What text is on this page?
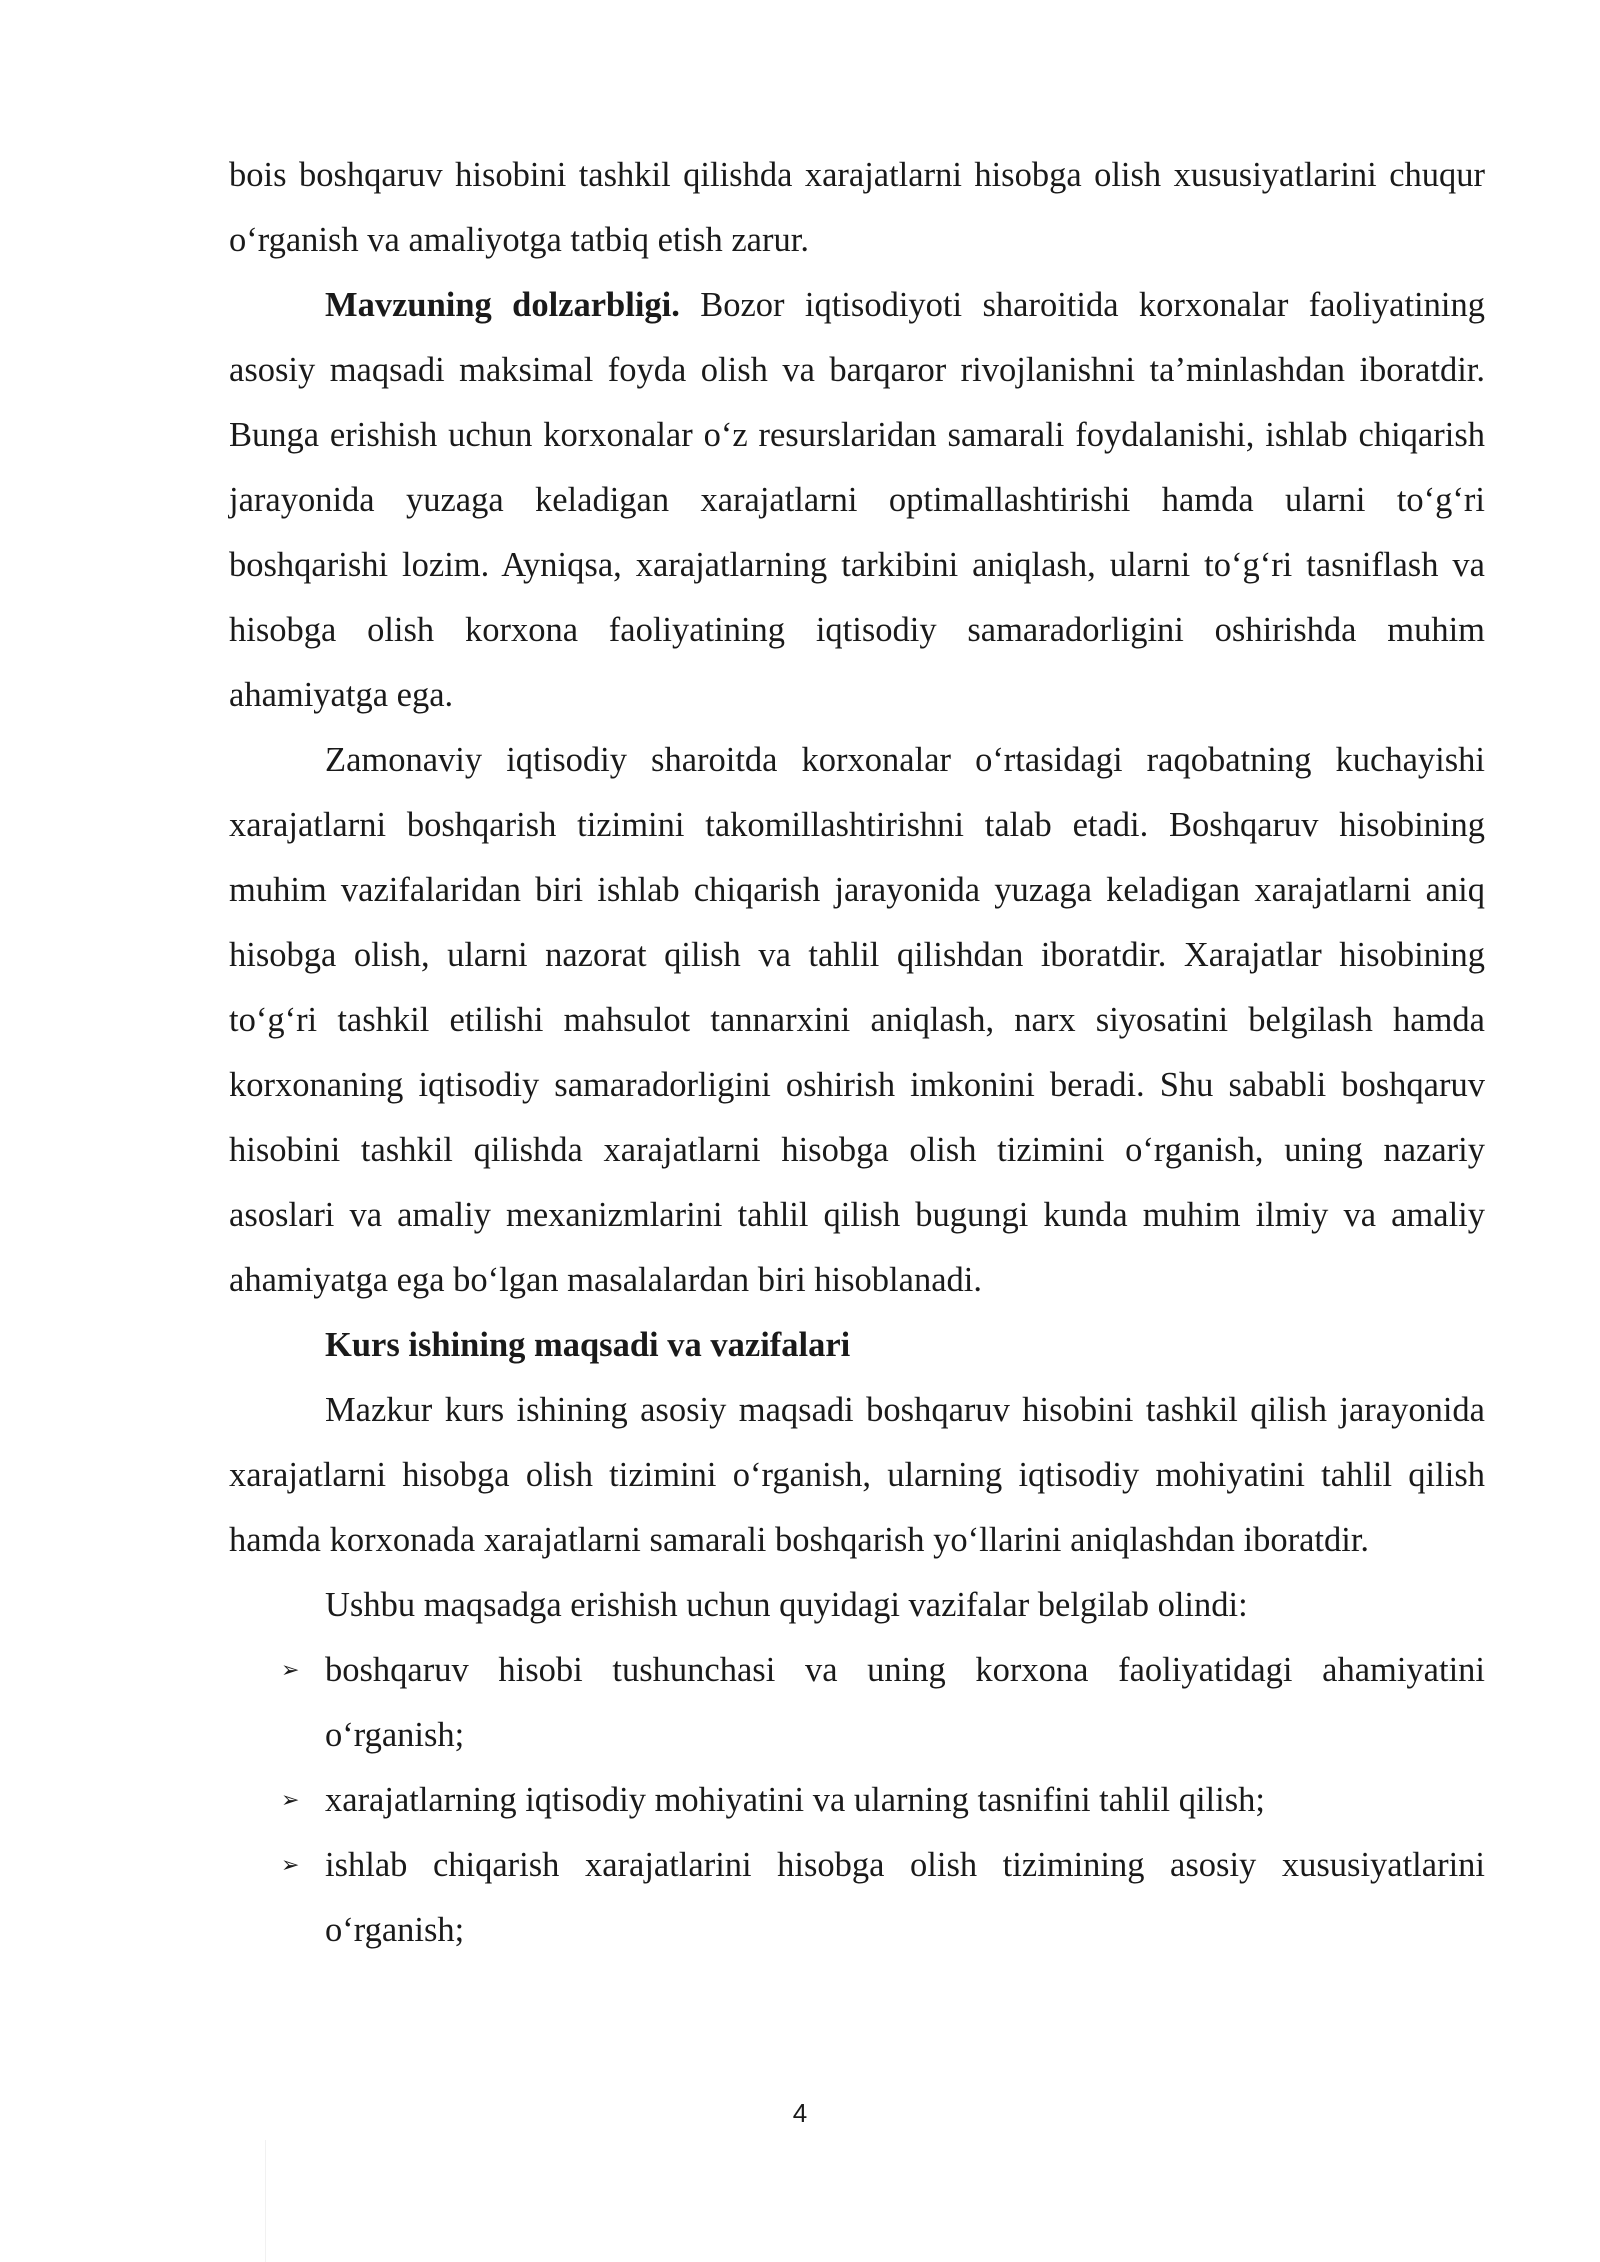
bois boshqaruv hisobini tashkil qilishda xarajatlarni hisobga olish xususiyatlarini chuqur o‘rganish va amaliyotga tatbiq etish zarur.

Mavzuning dolzarbligi. Bozor iqtisodiyoti sharoitida korxonalar faoliyatining asosiy maqsadi maksimal foyda olish va barqaror rivojlanishni ta’minlashdan iboratdir. Bunga erishish uchun korxonalar o‘z resurslaridan samarali foydalanishi, ishlab chiqarish jarayonida yuzaga keladigan xarajatlarni optimallashtirishi hamda ularni to‘g‘ri boshqarishi lozim. Ayniqsa, xarajatlarning tarkibini aniqlash, ularni to‘g‘ri tasniflash va hisobga olish korxona faoliyatining iqtisodiy samaradorligini oshirishda muhim ahamiyatga ega.

Zamonaviy iqtisodiy sharoitda korxonalar o‘rtasidagi raqobatning kuchayishi xarajatlarni boshqarish tizimini takomillashtirishni talab etadi. Boshqaruv hisobining muhim vazifalaridan biri ishlab chiqarish jarayonida yuzaga keladigan xarajatlarni aniq hisobga olish, ularni nazorat qilish va tahlil qilishdan iboratdir. Xarajatlar hisobining to‘g‘ri tashkil etilishi mahsulot tannarxini aniqlash, narx siyosatini belgilash hamda korxonaning iqtisodiy samaradorligini oshirish imkonini beradi. Shu sababli boshqaruv hisobini tashkil qilishda xarajatlarni hisobga olish tizimini o‘rganish, uning nazariy asoslari va amaliy mexanizmlarini tahlil qilish bugungi kunda muhim ilmiy va amaliy ahamiyatga ega bo‘lgan masalalardan biri hisoblanadi.

Kurs ishining maqsadi va vazifalari

Mazkur kurs ishining asosiy maqsadi boshqaruv hisobini tashkil qilish jarayonida xarajatlarni hisobga olish tizimini o‘rganish, ularning iqtisodiy mohiyatini tahlil qilish hamda korxonada xarajatlarni samarali boshqarish yo‘llarini aniqlashdan iboratdir.

Ushbu maqsadga erishish uchun quyidagi vazifalar belgilab olindi:

➢ boshqaruv hisobi tushunchasi va uning korxona faoliyatidagi ahamiyatini o‘rganish;
➢ xarajatlarning iqtisodiy mohiyatini va ularning tasnifini tahlil qilish;
➢ ishlab chiqarish xarajatlarini hisobga olish tizimining asosiy xususiyatlarini o‘rganish;
4
